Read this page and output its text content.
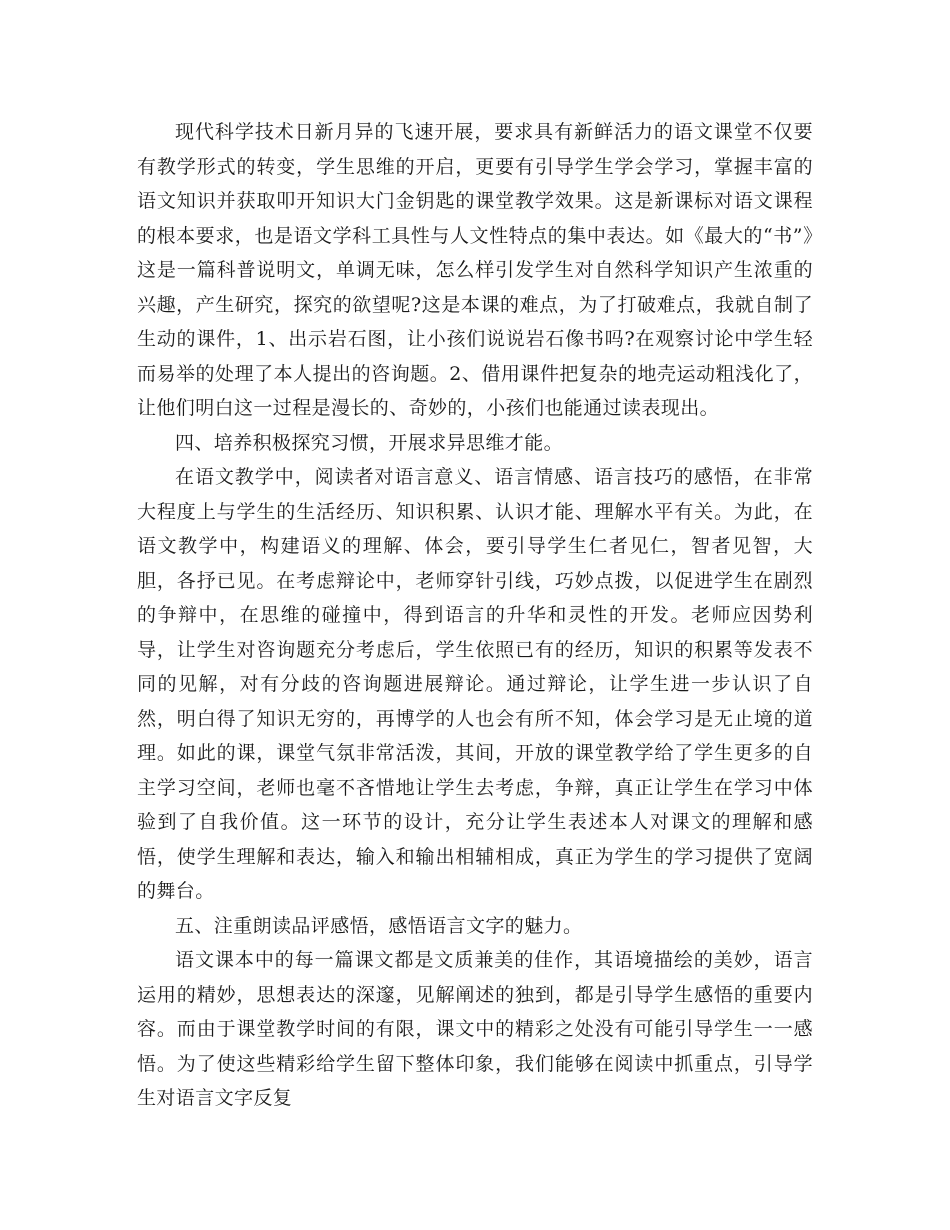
现代科学技术日新月异的飞速开展，要求具有新鲜活力的语文课堂不仅要有教学形式的转变，学生思维的开启，更要有引导学生学会学习，掌握丰富的语文知识并获取叩开知识大门金钥匙的课堂教学效果。这是新课标对语文课程的根本要求，也是语文学科工具性与人文性特点的集中表达。如《最大的“书”》这是一篇科普说明文，单调无味，怎么样引发学生对自然科学知识产生浓重的兴趣，产生研究，探究的欲望呢?这是本课的难点，为了打破难点，我就自制了生动的课件，1、出示岩石图，让小孩们说说岩石像书吗?在观察讨论中学生轻而易举的处理了本人提出的咨询题。2、借用课件把复杂的地壳运动粗浅化了，让他们明白这一过程是漫长的、奇妙的，小孩们也能通过读表现出。

四、培养积极探究习惯，开展求异思维才能。

在语文教学中，阅读者对语言意义、语言情感、语言技巧的感悟，在非常大程度上与学生的生活经历、知识积累、认识才能、理解水平有关。为此，在语文教学中，构建语义的理解、体会，要引导学生仁者见仁，智者见智，大胆，各抒已见。在考虑辩论中，老师穿针引线，巧妙点拨，以促进学生在剧烈的争辩中，在思维的碰撞中，得到语言的升华和灵性的开发。老师应因势利导，让学生对咨询题充分考虑后，学生依照已有的经历，知识的积累等发表不同的见解，对有分歧的咨询题进展辩论。通过辩论，让学生进一步认识了自然，明白得了知识无穷的，再博学的人也会有所不知，体会学习是无止境的道理。如此的课，课堂气氛非常活泼，其间，开放的课堂教学给了学生更多的自主学习空间，老师也毫不吝惜地让学生去考虑，争辩，真正让学生在学习中体验到了自我价值。这一环节的设计，充分让学生表述本人对课文的理解和感悟，使学生理解和表达，输入和输出相辅相成，真正为学生的学习提供了宽阔的舞台。

五、注重朗读品评感悟，感悟语言文字的魅力。

语文课本中的每一篇课文都是文质兼美的佳作，其语境描绘的美妙，语言运用的精妙，思想表达的深邃，见解阐述的独到，都是引导学生感悟的重要内容。而由于课堂教学时间的有限，课文中的精彩之处没有可能引导学生一一感悟。为了使这些精彩给学生留下整体印象，我们能够在阅读中抓重点，引导学生对语言文字反复
